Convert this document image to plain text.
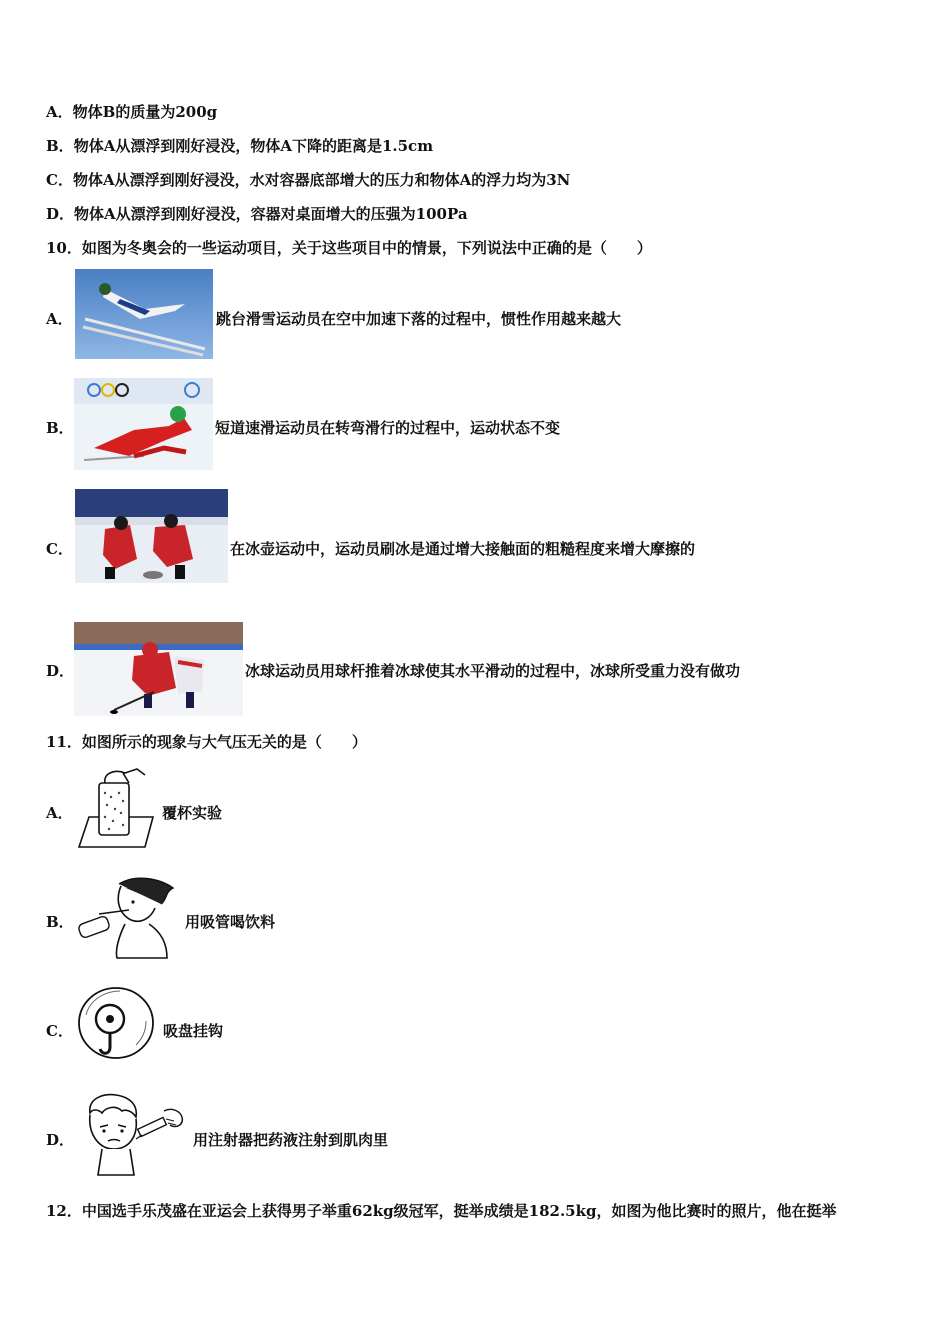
A．物体B的质量为200g
B．物体A从漂浮到刚好浸没，物体A下降的距离是1.5cm
C．物体A从漂浮到刚好浸没，水对容器底部增大的压力和物体A的浮力均为3N
D．物体A从漂浮到刚好浸没，容器对桌面增大的压强为100Pa
10．如图为冬奥会的一些运动项目，关于这些项目中的情景，下列说法中正确的是（　　）
A．	跳台滑雪运动员在空中加速下落的过程中，惯性作用越来越大
B．	短道速滑运动员在转弯滑行的过程中，运动状态不变
C．	在冰壶运动中，运动员刷冰是通过增大接触面的粗糙程度来增大摩擦的
D．	冰球运动员用球杆推着冰球使其水平滑动的过程中，冰球所受重力没有做功
11．如图所示的现象与大气压无关的是（　　）
A．	覆杯实验
B．	用吸管喝饮料
C．	吸盘挂钩
D．	用注射器把药液注射到肌肉里
12．中国选手乐茂盛在亚运会上获得男子举重62kg级冠军，挺举成绩是182.5kg，如图为他比赛时的照片，他在挺举
